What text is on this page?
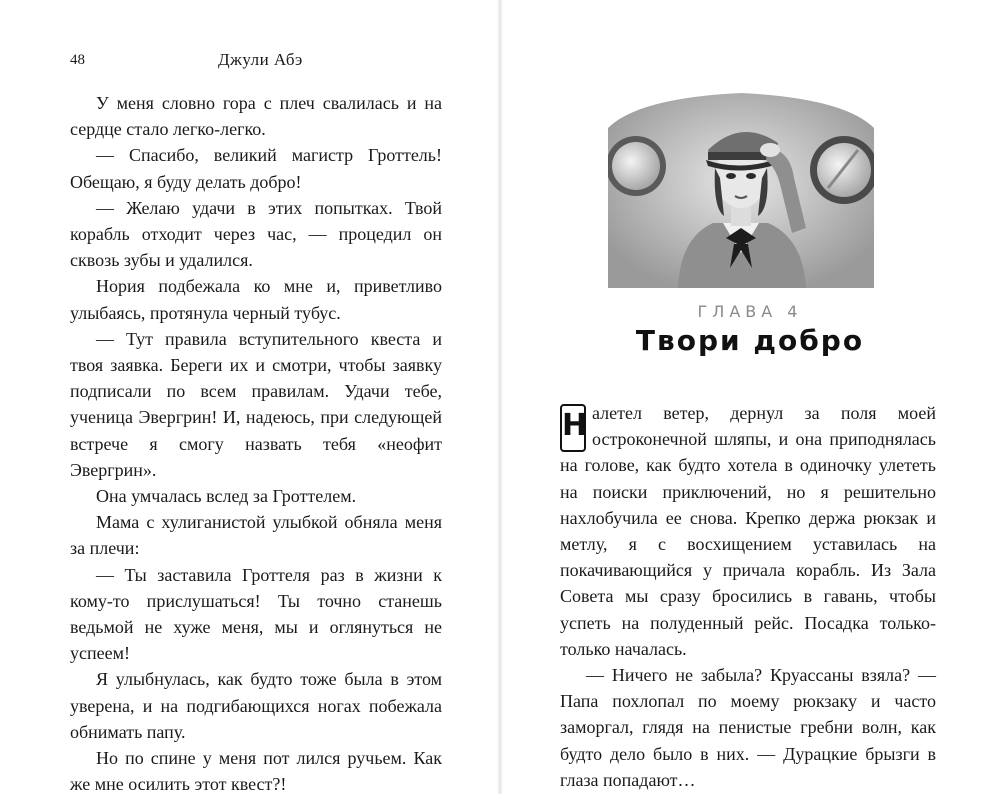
48	Джули Абэ

У меня словно гора с плеч свалилась и на сердце стало легко-легко.

— Спасибо, великий магистр Гроттель! Обещаю, я буду делать добро!

— Желаю удачи в этих попытках. Твой корабль отходит через час, — процедил он сквозь зубы и удалился.

Нория подбежала ко мне и, приветливо улыбаясь, протянула черный тубус.

— Тут правила вступительного квеста и твоя заявка. Береги их и смотри, чтобы заявку подписали по всем правилам. Удачи тебе, ученица Эвергрин! И, надеюсь, при следующей встрече я смогу назвать тебя «неофит Эвергрин».

Она умчалась вслед за Гроттелем.

Мама с хулиганистой улыбкой обняла меня за плечи:

— Ты заставила Гроттеля раз в жизни к кому-то прислушаться! Ты точно станешь ведьмой не хуже меня, мы и оглянуться не успеем!

Я улыбнулась, как будто тоже была в этом уверена, и на подгибающихся ногах побежала обнимать папу.

Но по спине у меня пот лился ручьем. Как же мне осилить этот квест?!

ГЛАВА 4
Твори добро

Н алетел ветер, дернул за поля моей остроконечной шляпы, и она приподнялась на голове, как будто хотела в одиночку улететь на поиски приключений, но я решительно нахлобучила ее снова. Крепко держа рюкзак и метлу, я с восхищением уставилась на покачивающийся у причала корабль. Из Зала Совета мы сразу бросились в гавань, чтобы успеть на полуденный рейс. Посадка только-только началась.

— Ничего не забыла? Круассаны взяла? — Папа похлопал по моему рюкзаку и часто заморгал, глядя на пенистые гребни волн, как будто дело было в них. — Дурацкие брызги в глаза попадают…
